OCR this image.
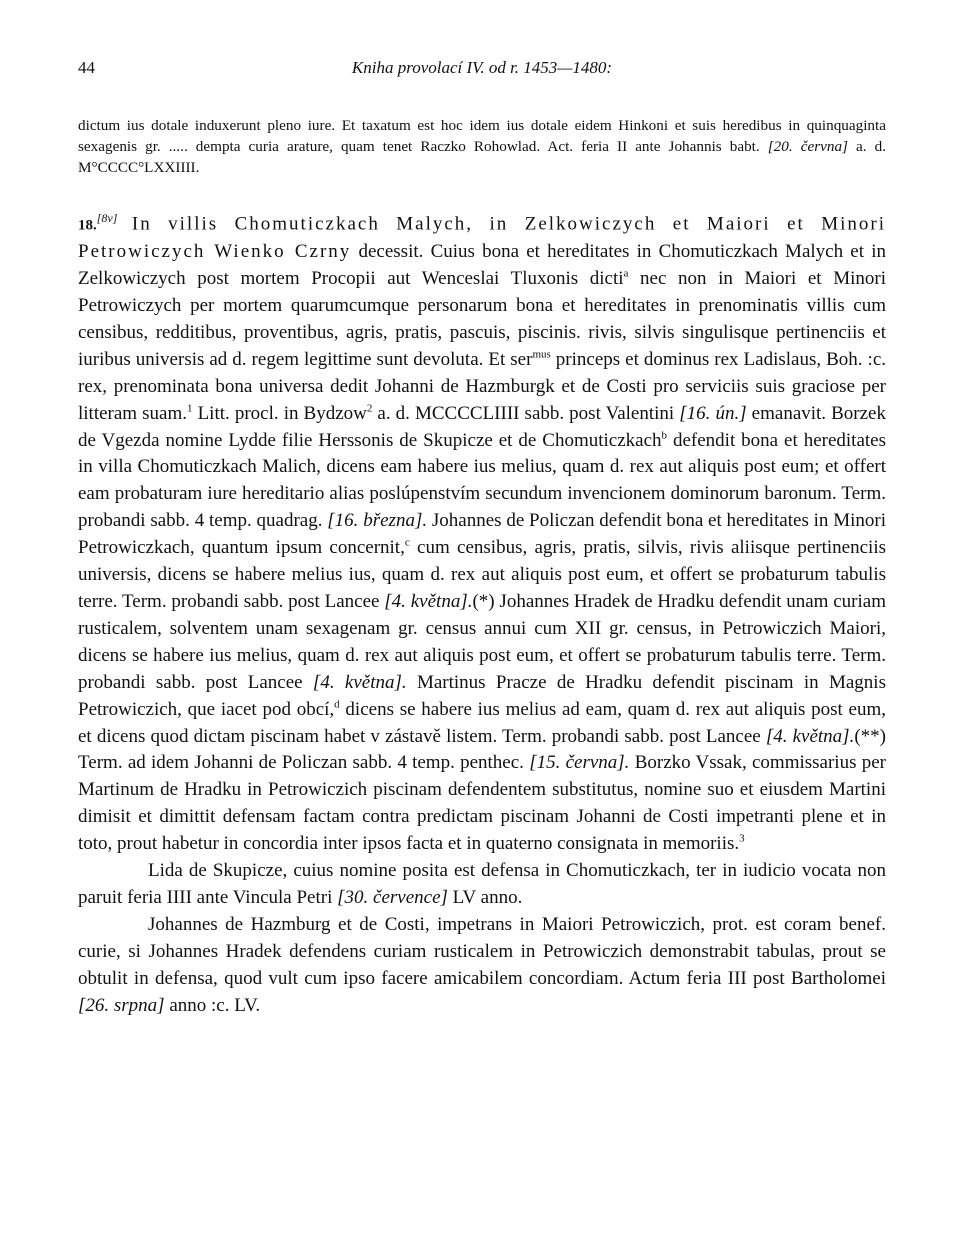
44	Kniha provolací IV. od r. 1453—1480:
dictum ius dotale induxerunt pleno iure. Et taxatum est hoc idem ius dotale eidem Hinkoni et suis heredibus in quinquaginta sexagenis gr. ..... dempta curia arature, quam tenet Raczko Rohowlad. Act. feria II ante Johannis babt. [20. června] a. d. M°CCCC°LXXIIII.

18.[8v] In villis Chomuticzkach Malych, in Zelkowiczych et Maiori et Minori Petrowiczych Wienko Czrny decessit. Cuius bona et hereditates in Chomuticzkach Malych et in Zelkowiczych post mortem Procopii aut Wenceslai Tluxonis dicti$^a$ nec non in Maiori et Minori Petrowiczych per mortem quarumcumque personarum bona et hereditates in prenominatis villis cum censibus, redditibus, proventibus, agris, pratis, pascuis, piscinis. rivis, silvis singulisque pertinenciis et iuribus universis ad d. regem legittime sunt devoluta. Et ser$^{mus}$ princeps et dominus rex Ladislaus, Boh. :c. rex, prenominata bona universa dedit Johanni de Hazmburgk et de Costi pro serviciis suis graciose per litteram suam.$^1$ Litt. procl. in Bydzow$^2$ a. d. MCCCCLIIII sabb. post Valentini [16. ún.] emanavit. Borzek de Vgezda nomine Lydde filie Herssonis de Skupicze et de Chomuticzkach$^b$ defendit bona et hereditates in villa Chomuticzkach Malich, dicens eam habere ius melius, quam d. rex aut aliquis post eum; et offert eam probaturam iure hereditario alias poslúpenstvím secundum invencionem dominorum baronum. Term. probandi sabb. 4 temp. quadrag. [16. března]. Johannes de Policzan defendit bona et hereditates in Minori Petrowiczkach, quantum ipsum concernit,$^c$ cum censibus, agris, pratis, silvis, rivis aliisque pertinenciis universis, dicens se habere melius ius, quam d. rex aut aliquis post eum, et offert se probaturum tabulis terre. Term. probandi sabb. post Lancee [4. května].(*) Johannes Hradek de Hradku defendit unam curiam rusticalem, solventem unam sexagenam gr. census annui cum XII gr. census, in Petrowiczich Maiori, dicens se habere ius melius, quam d. rex aut aliquis post eum, et offert se probaturum tabulis terre. Term. probandi sabb. post Lancee [4. května]. Martinus Pracze de Hradku defendit piscinam in Magnis Petrowiczich, que iacet pod obcí,$^d$ dicens se habere ius melius ad eam, quam d. rex aut aliquis post eum, et dicens quod dictam piscinam habet v zástavě listem. Term. probandi sabb. post Lancee [4. května].(**) Term. ad idem Johanni de Policzan sabb. 4 temp. penthec. [15. června]. Borzko Vssak, commissarius per Martinum de Hradku in Petrowiczich piscinam defendentem substitutus, nomine suo et eiusdem Martini dimisit et dimittit defensam factam contra predictam piscinam Johanni de Costi impetranti plene et in toto, prout habetur in concordia inter ipsos facta et in quaterno consignata in memoriis.$^3$

Lida de Skupicze, cuius nomine posita est defensa in Chomuticzkach, ter in iudicio vocata non paruit feria IIII ante Vincula Petri [30. července] LV anno.

Johannes de Hazmburg et de Costi, impetrans in Maiori Petrowiczich, prot. est coram benef. curie, si Johannes Hradek defendens curiam rusticalem in Petrowiczich demonstrabit tabulas, prout se obtulit in defensa, quod vult cum ipso facere amicabilem concordiam. Actum feria III post Bartholomei [26. srpna] anno :c. LV.
